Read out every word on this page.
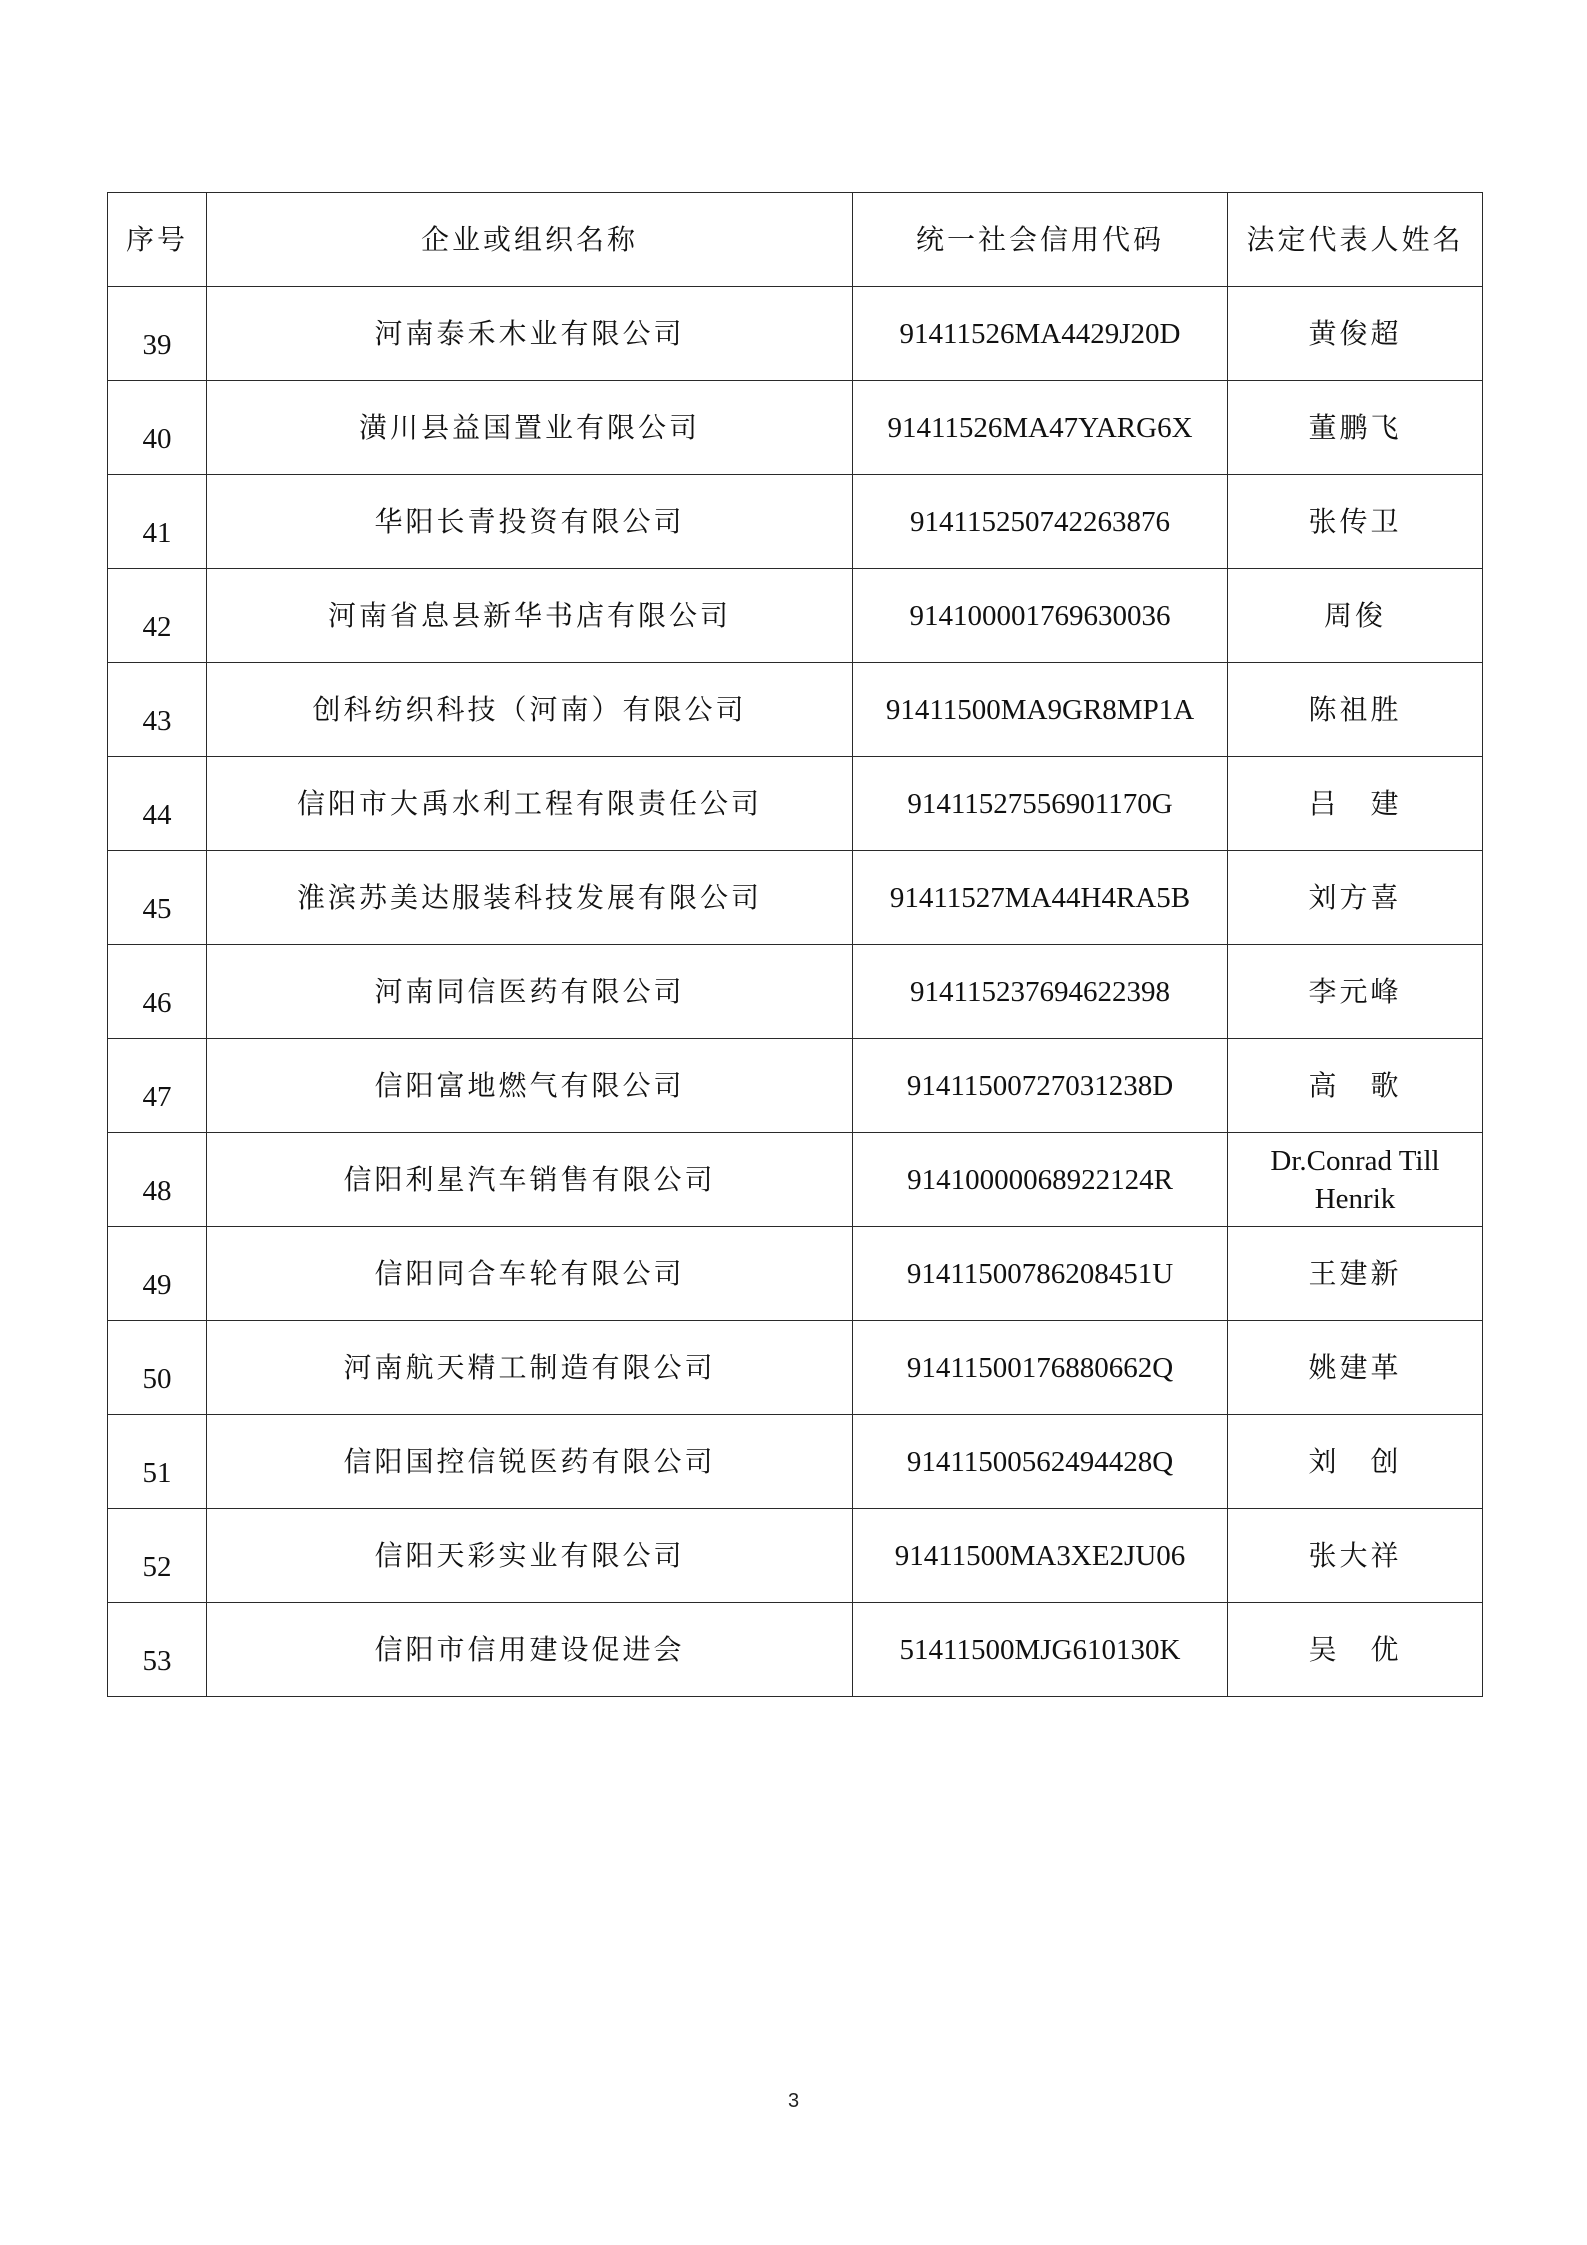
序号	企业或组织名称	统一社会信用代码	法定代表人姓名
39	河南泰禾木业有限公司	91411526MA4429J20D	黄俊超
40	潢川县益国置业有限公司	91411526MA47YARG6X	董鹏飞
41	华阳长青投资有限公司	914115250742263876	张传卫
42	河南省息县新华书店有限公司	914100001769630036	周俊
43	创科纺织科技（河南）有限公司	91411500MA9GR8MP1A	陈祖胜
44	信阳市大禹水利工程有限责任公司	91411527556901170G	吕　建
45	淮滨苏美达服装科技发展有限公司	91411527MA44H4RA5B	刘方喜
46	河南同信医药有限公司	914115237694622398	李元峰
47	信阳富地燃气有限公司	91411500727031238D	高　歌
48	信阳利星汽车销售有限公司	91410000068922124R	Dr.Conrad Till Henrik
49	信阳同合车轮有限公司	91411500786208451U	王建新
50	河南航天精工制造有限公司	91411500176880662Q	姚建革
51	信阳国控信锐医药有限公司	91411500562494428Q	刘　创
52	信阳天彩实业有限公司	91411500MA3XE2JU06	张大祥
53	信阳市信用建设促进会	51411500MJG610130K	吴　优
3
